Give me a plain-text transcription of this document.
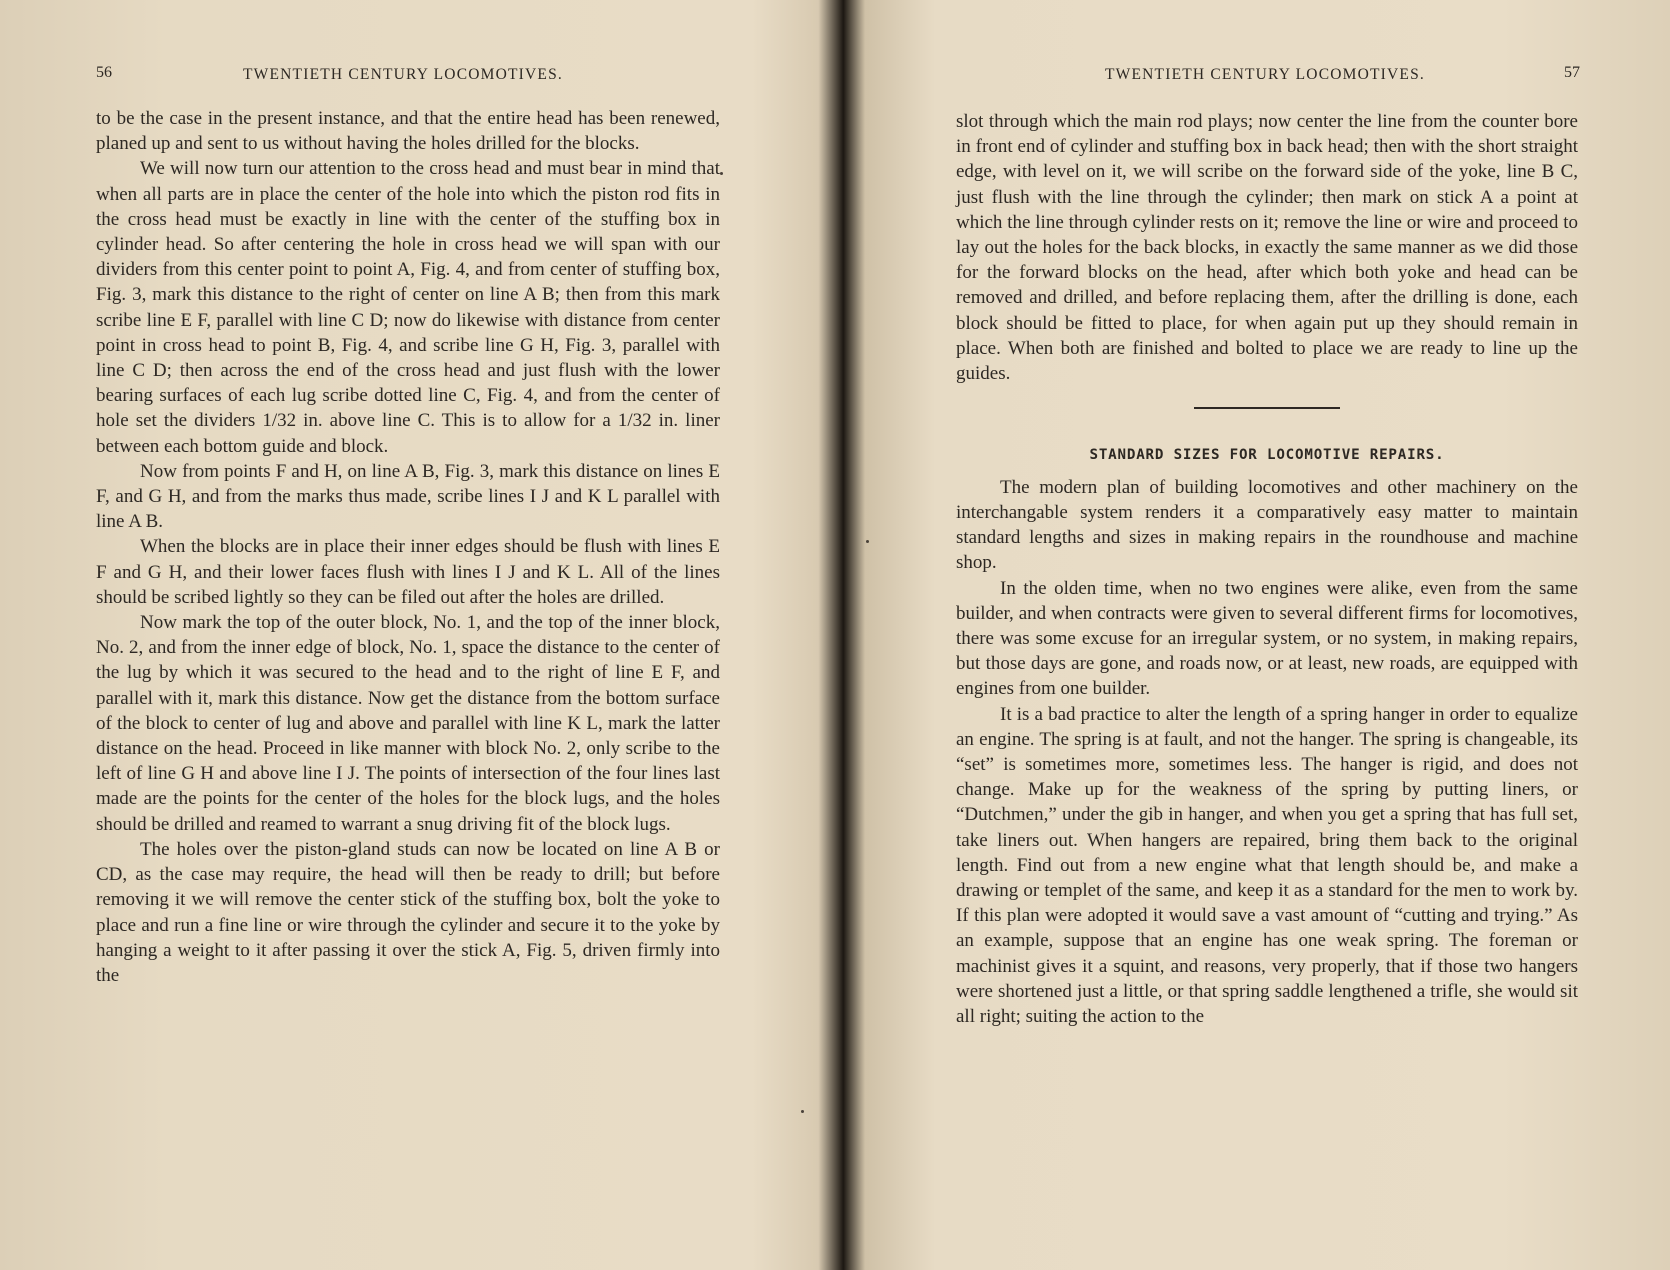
56	TWENTIETH CENTURY LOCOMOTIVES.

to be the case in the present instance, and that the entire head has been renewed, planed up and sent to us without having the holes drilled for the blocks.

We will now turn our attention to the cross head and must bear in mind that when all parts are in place the center of the hole into which the piston rod fits in the cross head must be exactly in line with the center of the stuffing box in cylinder head. So after centering the hole in cross head we will span with our dividers from this center point to point A, Fig. 4, and from center of stuffing box, Fig. 3, mark this distance to the right of center on line A B; then from this mark scribe line E F, parallel with line C D; now do likewise with distance from center point in cross head to point B, Fig. 4, and scribe line G H, Fig. 3, parallel with line C D; then across the end of the cross head and just flush with the lower bearing surfaces of each lug scribe dotted line C, Fig. 4, and from the center of hole set the dividers 1/32 in. above line C. This is to allow for a 1/32 in. liner between each bottom guide and block.

Now from points F and H, on line A B, Fig. 3, mark this distance on lines E F, and G H, and from the marks thus made, scribe lines I J and K L parallel with line A B.

When the blocks are in place their inner edges should be flush with lines E F and G H, and their lower faces flush with lines I J and K L. All of the lines should be scribed lightly so they can be filed out after the holes are drilled.

Now mark the top of the outer block, No. 1, and the top of the inner block, No. 2, and from the inner edge of block, No. 1, space the distance to the center of the lug by which it was secured to the head and to the right of line E F, and parallel with it, mark this distance. Now get the distance from the bottom surface of the block to center of lug and above and parallel with line K L, mark the latter distance on the head. Proceed in like manner with block No. 2, only scribe to the left of line G H and above line I J. The points of intersection of the four lines last made are the points for the center of the holes for the block lugs, and the holes should be drilled and reamed to warrant a snug driving fit of the block lugs.

The holes over the piston-gland studs can now be located on line A B or CD, as the case may require, the head will then be ready to drill; but before removing it we will remove the center stick of the stuffing box, bolt the yoke to place and run a fine line or wire through the cylinder and secure it to the yoke by hanging a weight to it after passing it over the stick A, Fig. 5, driven firmly into the

TWENTIETH CENTURY LOCOMOTIVES.	57

slot through which the main rod plays; now center the line from the counter bore in front end of cylinder and stuffing box in back head; then with the short straight edge, with level on it, we will scribe on the forward side of the yoke, line B C, just flush with the line through the cylinder; then mark on stick A a point at which the line through cylinder rests on it; remove the line or wire and proceed to lay out the holes for the back blocks, in exactly the same manner as we did those for the forward blocks on the head, after which both yoke and head can be removed and drilled, and before replacing them, after the drilling is done, each block should be fitted to place, for when again put up they should remain in place. When both are finished and bolted to place we are ready to line up the guides.

STANDARD SIZES FOR LOCOMOTIVE REPAIRS.

The modern plan of building locomotives and other machinery on the interchangable system renders it a comparatively easy matter to maintain standard lengths and sizes in making repairs in the roundhouse and machine shop.

In the olden time, when no two engines were alike, even from the same builder, and when contracts were given to several different firms for locomotives, there was some excuse for an irregular system, or no system, in making repairs, but those days are gone, and roads now, or at least, new roads, are equipped with engines from one builder.

It is a bad practice to alter the length of a spring hanger in order to equalize an engine. The spring is at fault, and not the hanger. The spring is changeable, its “set” is sometimes more, sometimes less. The hanger is rigid, and does not change. Make up for the weakness of the spring by putting liners, or “Dutchmen,” under the gib in hanger, and when you get a spring that has full set, take liners out. When hangers are repaired, bring them back to the original length. Find out from a new engine what that length should be, and make a drawing or templet of the same, and keep it as a standard for the men to work by. If this plan were adopted it would save a vast amount of “cutting and trying.” As an example, suppose that an engine has one weak spring. The foreman or machinist gives it a squint, and reasons, very properly, that if those two hangers were shortened just a little, or that spring saddle lengthened a trifle, she would sit all right; suiting the action to the
